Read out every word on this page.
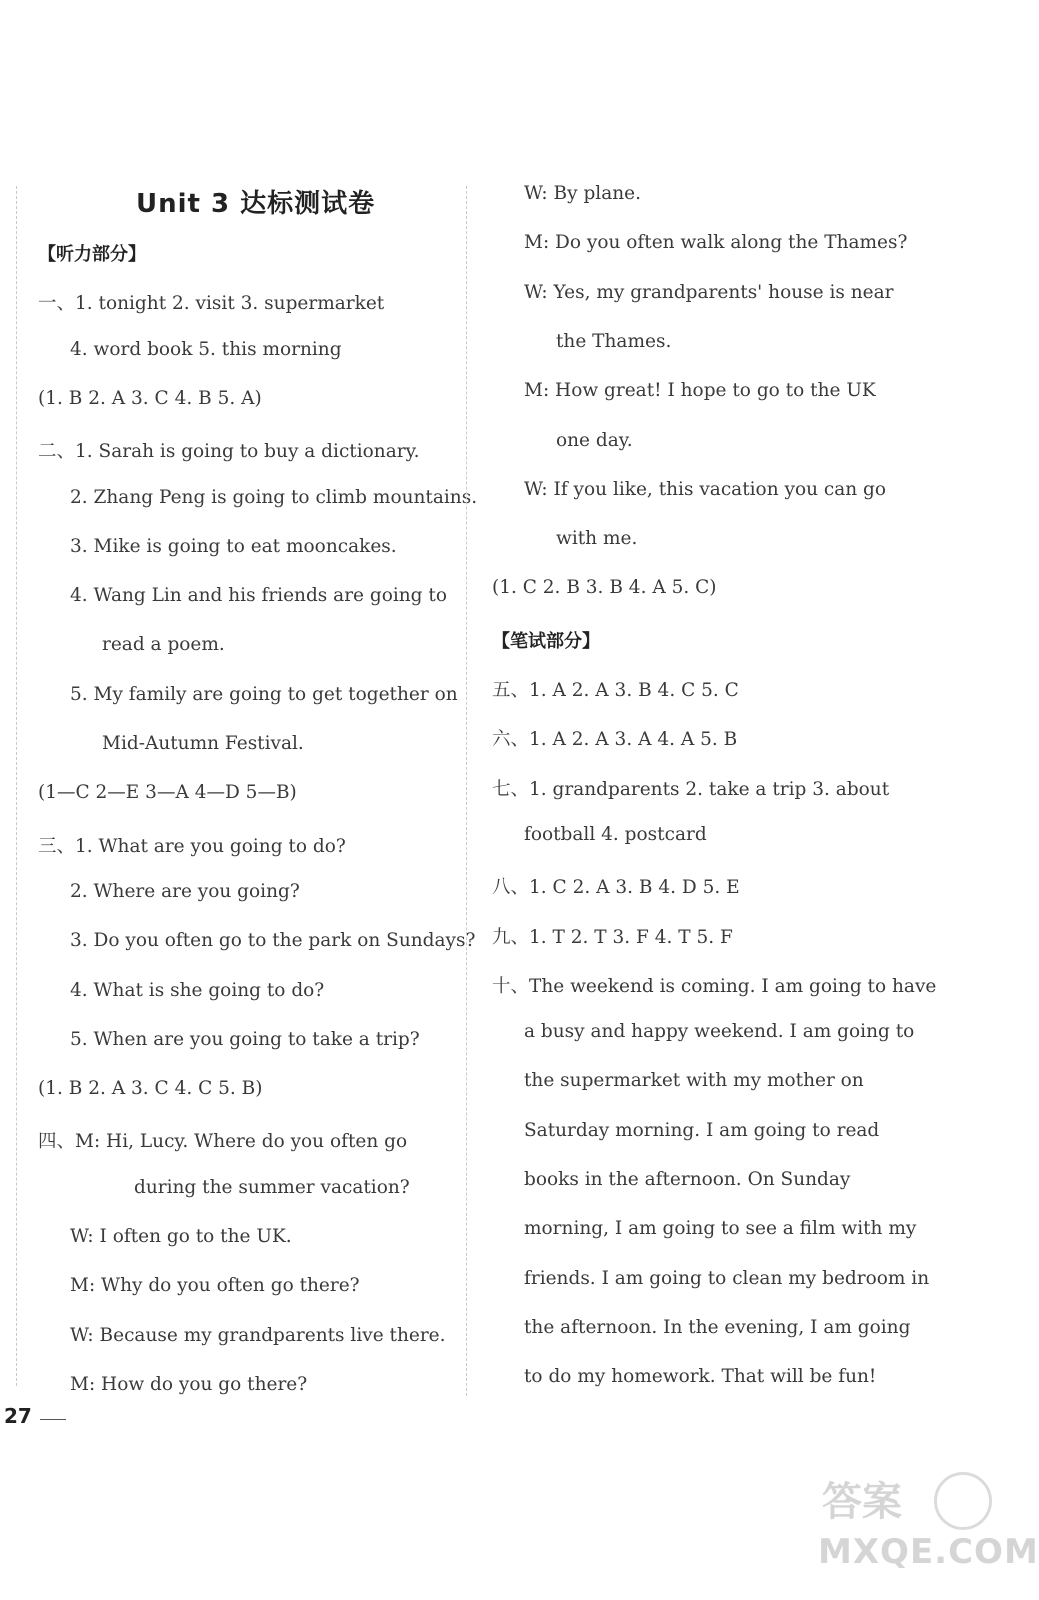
Unit 3 达标测试卷
【听力部分】
一、1. tonight 2. visit 3. supermarket
4. word book 5. this morning
(1. B 2. A 3. C 4. B 5. A)
二、1. Sarah is going to buy a dictionary.
2. Zhang Peng is going to climb mountains.
3. Mike is going to eat mooncakes.
4. Wang Lin and his friends are going to
read a poem.
5. My family are going to get together on
Mid-Autumn Festival.
(1—C 2—E 3—A 4—D 5—B)
三、1. What are you going to do?
2. Where are you going?
3. Do you often go to the park on Sundays?
4. What is she going to do?
5. When are you going to take a trip?
(1. B 2. A 3. C 4. C 5. B)
四、M: Hi, Lucy. Where do you often go
during the summer vacation?
W: I often go to the UK.
M: Why do you often go there?
W: Because my grandparents live there.
M: How do you go there?
W: By plane.
M: Do you often walk along the Thames?
W: Yes, my grandparents' house is near
the Thames.
M: How great! I hope to go to the UK
one day.
W: If you like, this vacation you can go
with me.
(1. C 2. B 3. B 4. A 5. C)
【笔试部分】
五、1. A 2. A 3. B 4. C 5. C
六、1. A 2. A 3. A 4. A 5. B
七、1. grandparents 2. take a trip 3. about
football 4. postcard
八、1. C 2. A 3. B 4. D 5. E
九、1. T 2. T 3. F 4. T 5. F
十、The weekend is coming. I am going to have
a busy and happy weekend. I am going to
the supermarket with my mother on
Saturday morning. I am going to read
books in the afternoon. On Sunday
morning, I am going to see a film with my
friends. I am going to clean my bedroom in
the afternoon. In the evening, I am going
to do my homework. That will be fun!
27
答案
MXQE.COM
